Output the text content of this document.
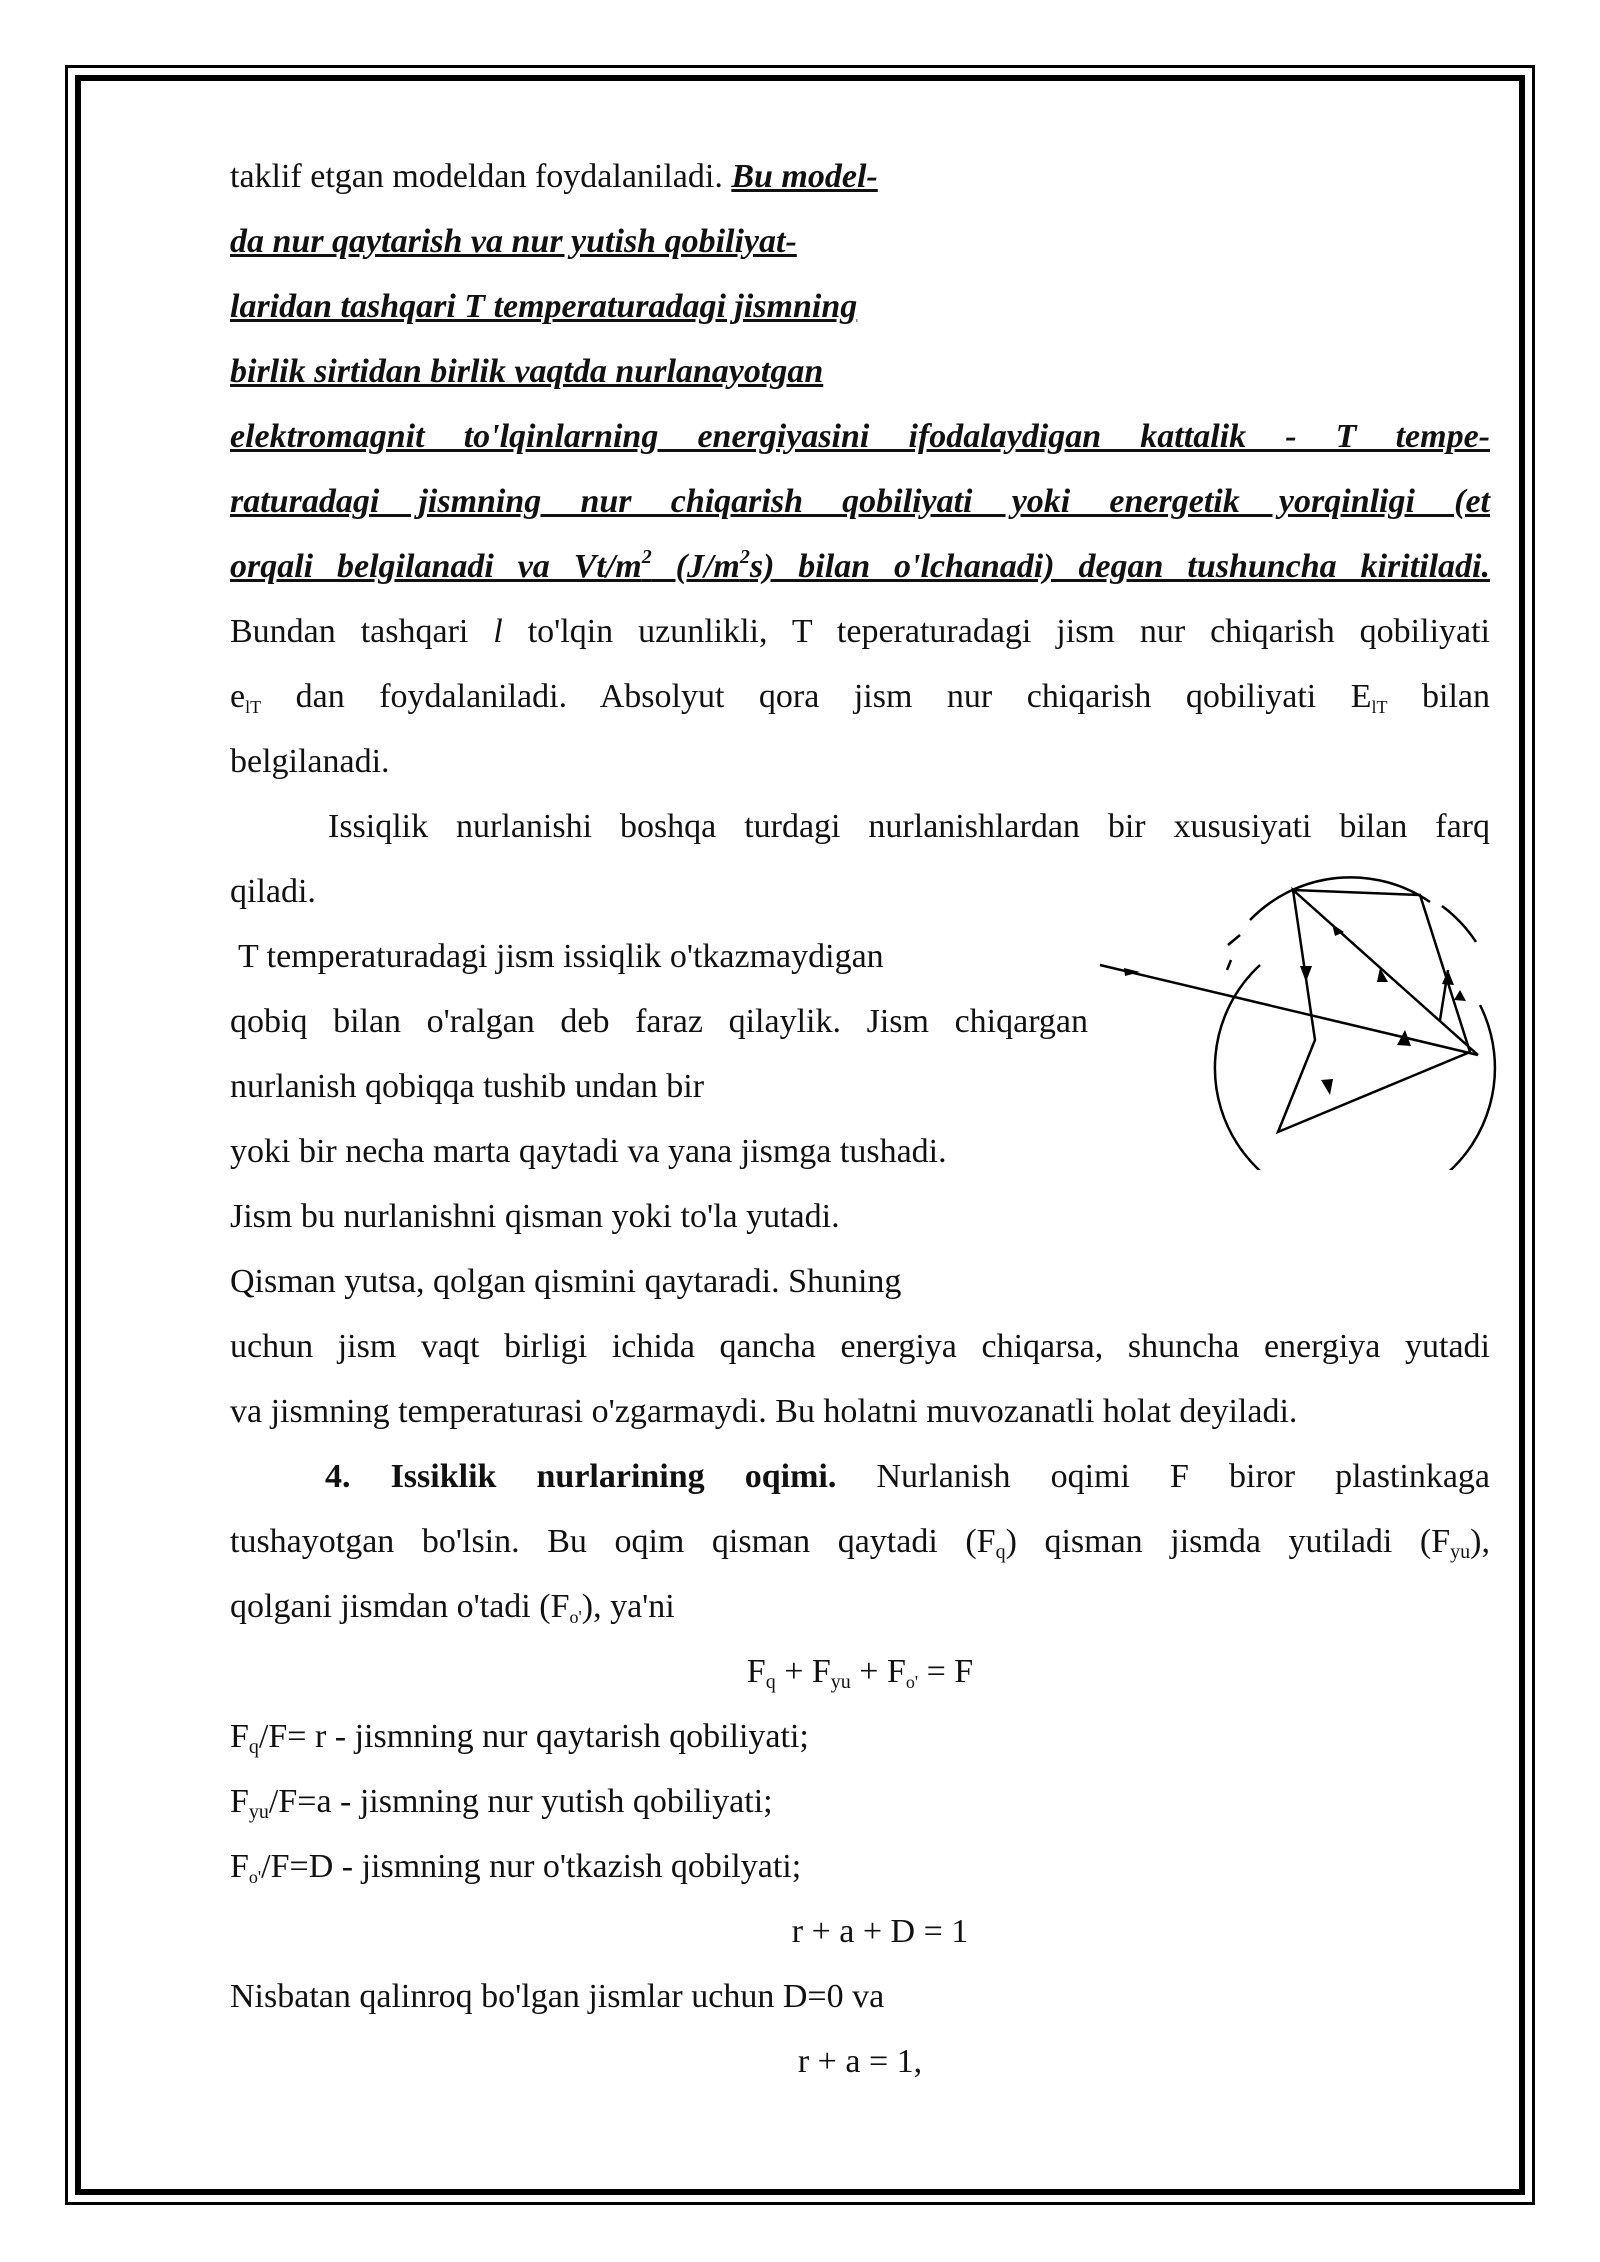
taklif etgan modeldan foydalaniladi. Bu model-
da nur qaytarish va nur yutish qobiliyat-
laridan tashqari T temperaturadagi jismning
birlik sirtidan birlik vaqtda nurlanayotgan
elektromagnit to'lqinlarning energiyasini ifodalaydigan kattalik - T tempe-
raturadagi jismning nur chiqarish qobiliyati yoki energetik yorqinligi (et
orqali belgilanadi va $Vt/m^2$ $(J/m^2s)$ bilan o'lchanadi) degan tushuncha kiritiladi.
Bundan tashqari l to'lqin uzunlikli, T teperaturadagi jism nur chiqarish qobiliyati
$e_{lT}$ dan foydalaniladi. Absolyut qora jism nur chiqarish qobiliyati $E_{lT}$ bilan
belgilanadi.
Issiqlik nurlanishi boshqa turdagi nurlanishlardan bir xususiyati bilan farq
qiladi.
T temperaturadagi jism issiqlik o'tkazmaydigan
qobiq bilan o'ralgan deb faraz qilaylik. Jism chiqargan
nurlanish qobiqqa tushib undan bir
yoki bir necha marta qaytadi va yana jismga tushadi.
Jism bu nurlanishni qisman yoki to'la yutadi.
Qisman yutsa, qolgan qismini qaytaradi. Shuning
uchun jism vaqt birligi ichida qancha energiya chiqarsa, shuncha energiya yutadi
va jismning temperaturasi o'zgarmaydi. Bu holatni muvozanatli holat deyiladi.
4. Issiklik nurlarining oqimi. Nurlanish oqimi F biror plastinkaga
tushayotgan bo'lsin. Bu oqim qisman qaytadi $(F_q)$ qisman jismda yutiladi $(F_{yu})$,
qolgani jismdan o'tadi $(F_{o'})$, ya'ni
$F_q + F_{yu} + F_{o'} = F$
$F_q/F= r$ - jismning nur qaytarish qobiliyati;
$F_{yu}/F=a$ - jismning nur yutish qobiliyati;
$F_{o'}/F=D$ - jismning nur o'tkazish qobilyati;
r + a + D = 1
Nisbatan qalinroq bo'lgan jismlar uchun D=0 va
r + a = 1,
